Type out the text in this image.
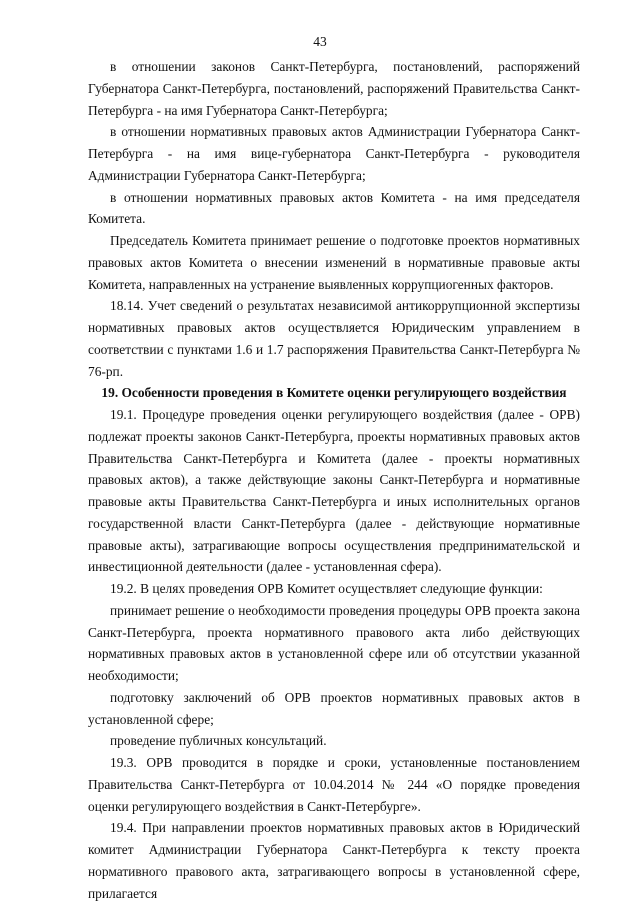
43

в отношении законов Санкт-Петербурга, постановлений, распоряжений Губернатора Санкт-Петербурга, постановлений, распоряжений Правительства Санкт-Петербурга - на имя Губернатора Санкт-Петербурга;

в отношении нормативных правовых актов Администрации Губернатора Санкт-Петербурга - на имя вице-губернатора Санкт-Петербурга - руководителя Администрации Губернатора Санкт-Петербурга;

в отношении нормативных правовых актов Комитета - на имя председателя Комитета.

Председатель Комитета принимает решение о подготовке проектов нормативных правовых актов Комитета о внесении изменений в нормативные правовые акты Комитета, направленных на устранение выявленных коррупциогенных факторов.

18.14. Учет сведений о результатах независимой антикоррупционной экспертизы нормативных правовых актов осуществляется Юридическим управлением в соответствии с пунктами 1.6 и 1.7 распоряжения Правительства Санкт-Петербурга № 76-рп.

19. Особенности проведения в Комитете оценки регулирующего воздействия

19.1. Процедуре проведения оценки регулирующего воздействия (далее - ОРВ) подлежат проекты законов Санкт-Петербурга, проекты нормативных правовых актов Правительства Санкт-Петербурга и Комитета (далее - проекты нормативных правовых актов), а также действующие законы Санкт-Петербурга и нормативные правовые акты Правительства Санкт-Петербурга и иных исполнительных органов государственной власти Санкт-Петербурга (далее - действующие нормативные правовые акты), затрагивающие вопросы осуществления предпринимательской и инвестиционной деятельности (далее - установленная сфера).

19.2. В целях проведения ОРВ Комитет осуществляет следующие функции:

принимает решение о необходимости проведения процедуры ОРВ проекта закона Санкт-Петербурга, проекта нормативного правового акта либо действующих нормативных правовых актов в установленной сфере или об отсутствии указанной необходимости;

подготовку заключений об ОРВ проектов нормативных правовых актов в установленной сфере;

проведение публичных консультаций.

19.3. ОРВ проводится в порядке и сроки, установленные постановлением Правительства Санкт-Петербурга от 10.04.2014 № 244 «О порядке проведения оценки регулирующего воздействия в Санкт-Петербурге».

19.4. При направлении проектов нормативных правовых актов в Юридический комитет Администрации Губернатора Санкт-Петербурга к тексту проекта нормативного правового акта, затрагивающего вопросы в установленной сфере, прилагается
